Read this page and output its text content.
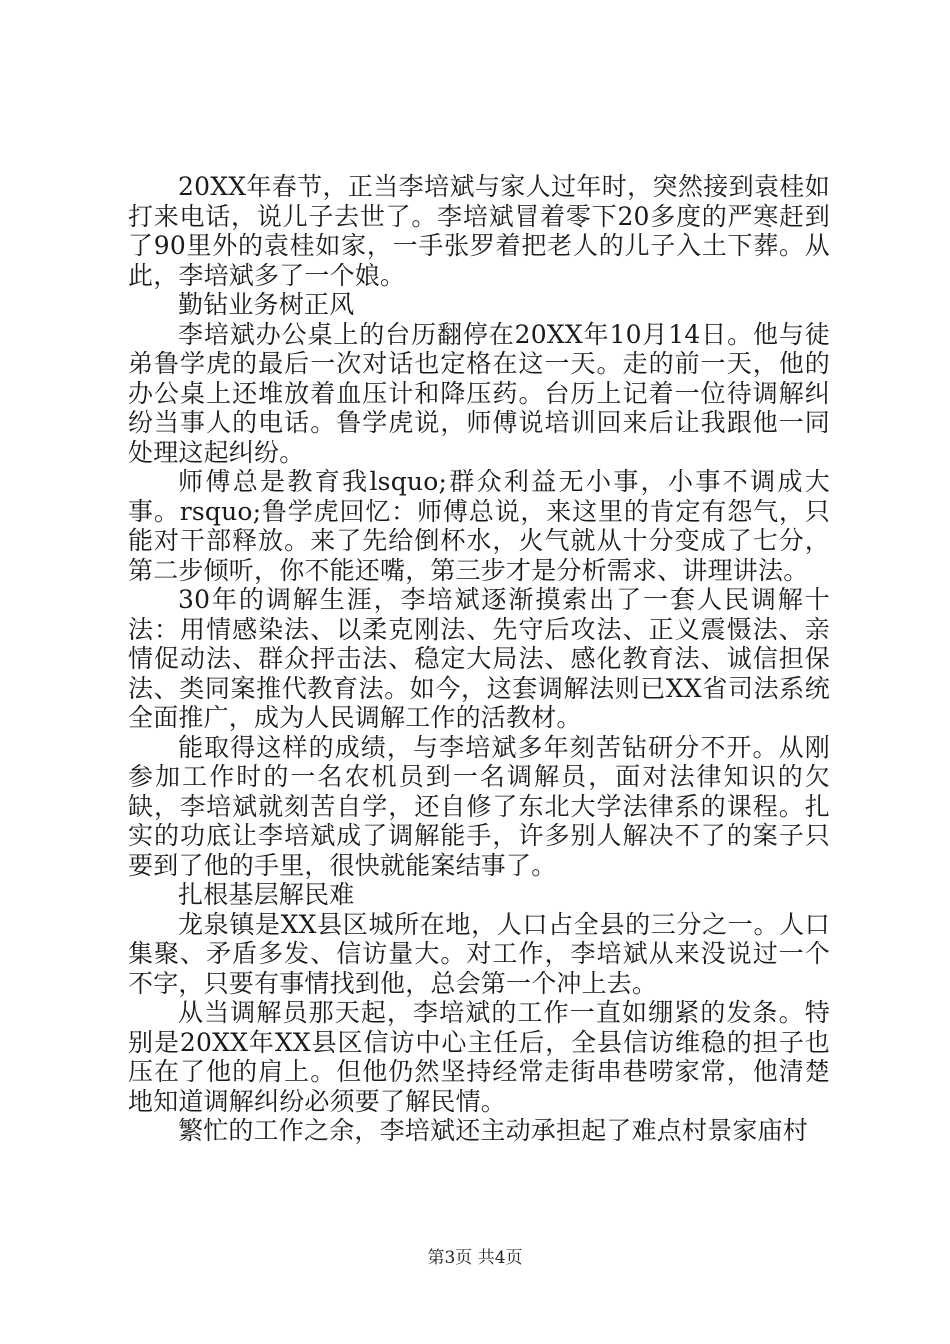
20XX年春节，正当李培斌与家人过年时，突然接到袁桂如打来电话，说儿子去世了。李培斌冒着零下20多度的严寒赶到了90里外的袁桂如家，一手张罗着把老人的儿子入土下葬。从此，李培斌多了一个娘。

勤钻业务树正风

李培斌办公桌上的台历翻停在20XX年10月14日。他与徒弟鲁学虎的最后一次对话也定格在这一天。走的前一天，他的办公桌上还堆放着血压计和降压药。台历上记着一位待调解纠纷当事人的电话。鲁学虎说，师傅说培训回来后让我跟他一同处理这起纠纷。

师傅总是教育我lsquo;群众利益无小事，小事不调成大事。rsquo;鲁学虎回忆：师傅总说，来这里的肯定有怨气，只能对干部释放。来了先给倒杯水，火气就从十分变成了七分，第二步倾听，你不能还嘴，第三步才是分析需求、讲理讲法。

30年的调解生涯，李培斌逐渐摸索出了一套人民调解十法：用情感染法、以柔克刚法、先守后攻法、正义震慑法、亲情促动法、群众抨击法、稳定大局法、感化教育法、诚信担保法、类同案推代教育法。如今，这套调解法则已XX省司法系统全面推广，成为人民调解工作的活教材。

能取得这样的成绩，与李培斌多年刻苦钻研分不开。从刚参加工作时的一名农机员到一名调解员，面对法律知识的欠缺，李培斌就刻苦自学，还自修了东北大学法律系的课程。扎实的功底让李培斌成了调解能手，许多别人解决不了的案子只要到了他的手里，很快就能案结事了。

扎根基层解民难

龙泉镇是XX县区城所在地，人口占全县的三分之一。人口集聚、矛盾多发、信访量大。对工作，李培斌从来没说过一个不字，只要有事情找到他，总会第一个冲上去。

从当调解员那天起，李培斌的工作一直如绷紧的发条。特别是20XX年XX县区信访中心主任后，全县信访维稳的担子也压在了他的肩上。但他仍然坚持经常走街串巷唠家常，他清楚地知道调解纠纷必须要了解民情。

繁忙的工作之余，李培斌还主动承担起了难点村景家庙村

第3页 共4页
